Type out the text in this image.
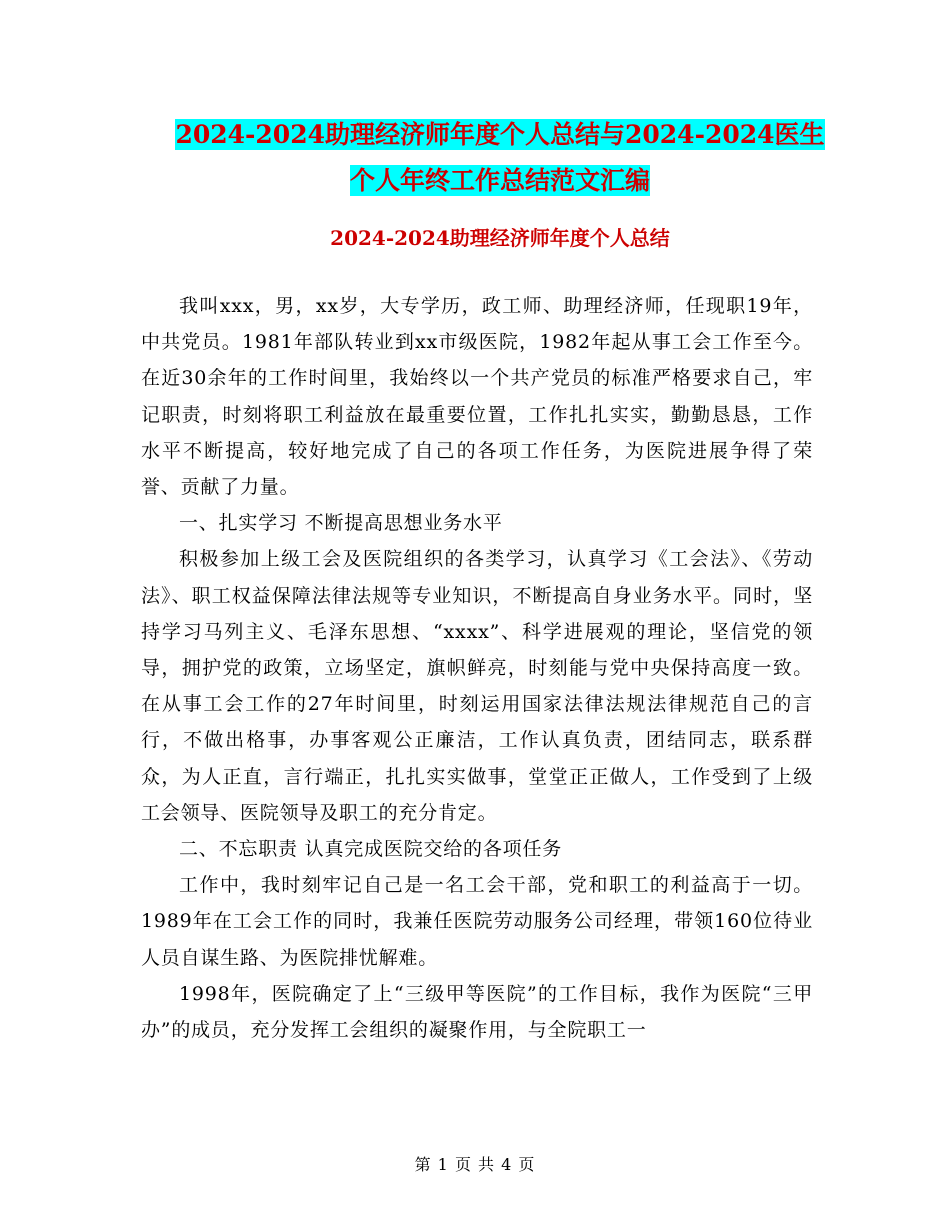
2024-2024助理经济师年度个人总结与2024-2024医生
个人年终工作总结范文汇编
2024-2024助理经济师年度个人总结

我叫xxx，男，xx岁，大专学历，政工师、助理经济师，任现职19年，中共党员。1981年部队转业到xx市级医院，1982年起从事工会工作至今。在近30余年的工作时间里，我始终以一个共产党员的标准严格要求自己，牢记职责，时刻将职工利益放在最重要位置，工作扎扎实实，勤勤恳恳，工作水平不断提高，较好地完成了自己的各项工作任务，为医院进展争得了荣誉、贡献了力量。

一、扎实学习 不断提高思想业务水平

积极参加上级工会及医院组织的各类学习，认真学习《工会法》、《劳动法》、职工权益保障法律法规等专业知识，不断提高自身业务水平。同时，坚持学习马列主义、毛泽东思想、“xxxx”、科学进展观的理论，坚信党的领导，拥护党的政策，立场坚定，旗帜鲜亮，时刻能与党中央保持高度一致。在从事工会工作的27年时间里，时刻运用国家法律法规法律规范自己的言行，不做出格事，办事客观公正廉洁，工作认真负责，团结同志，联系群众，为人正直，言行端正，扎扎实实做事，堂堂正正做人，工作受到了上级工会领导、医院领导及职工的充分肯定。

二、不忘职责 认真完成医院交给的各项任务

工作中，我时刻牢记自己是一名工会干部，党和职工的利益高于一切。1989年在工会工作的同时，我兼任医院劳动服务公司经理，带领160位待业人员自谋生路、为医院排忧解难。

1998年，医院确定了上“三级甲等医院”的工作目标，我作为医院“三甲办”的成员，充分发挥工会组织的凝聚作用，与全院职工一

第 1 页 共 4 页
